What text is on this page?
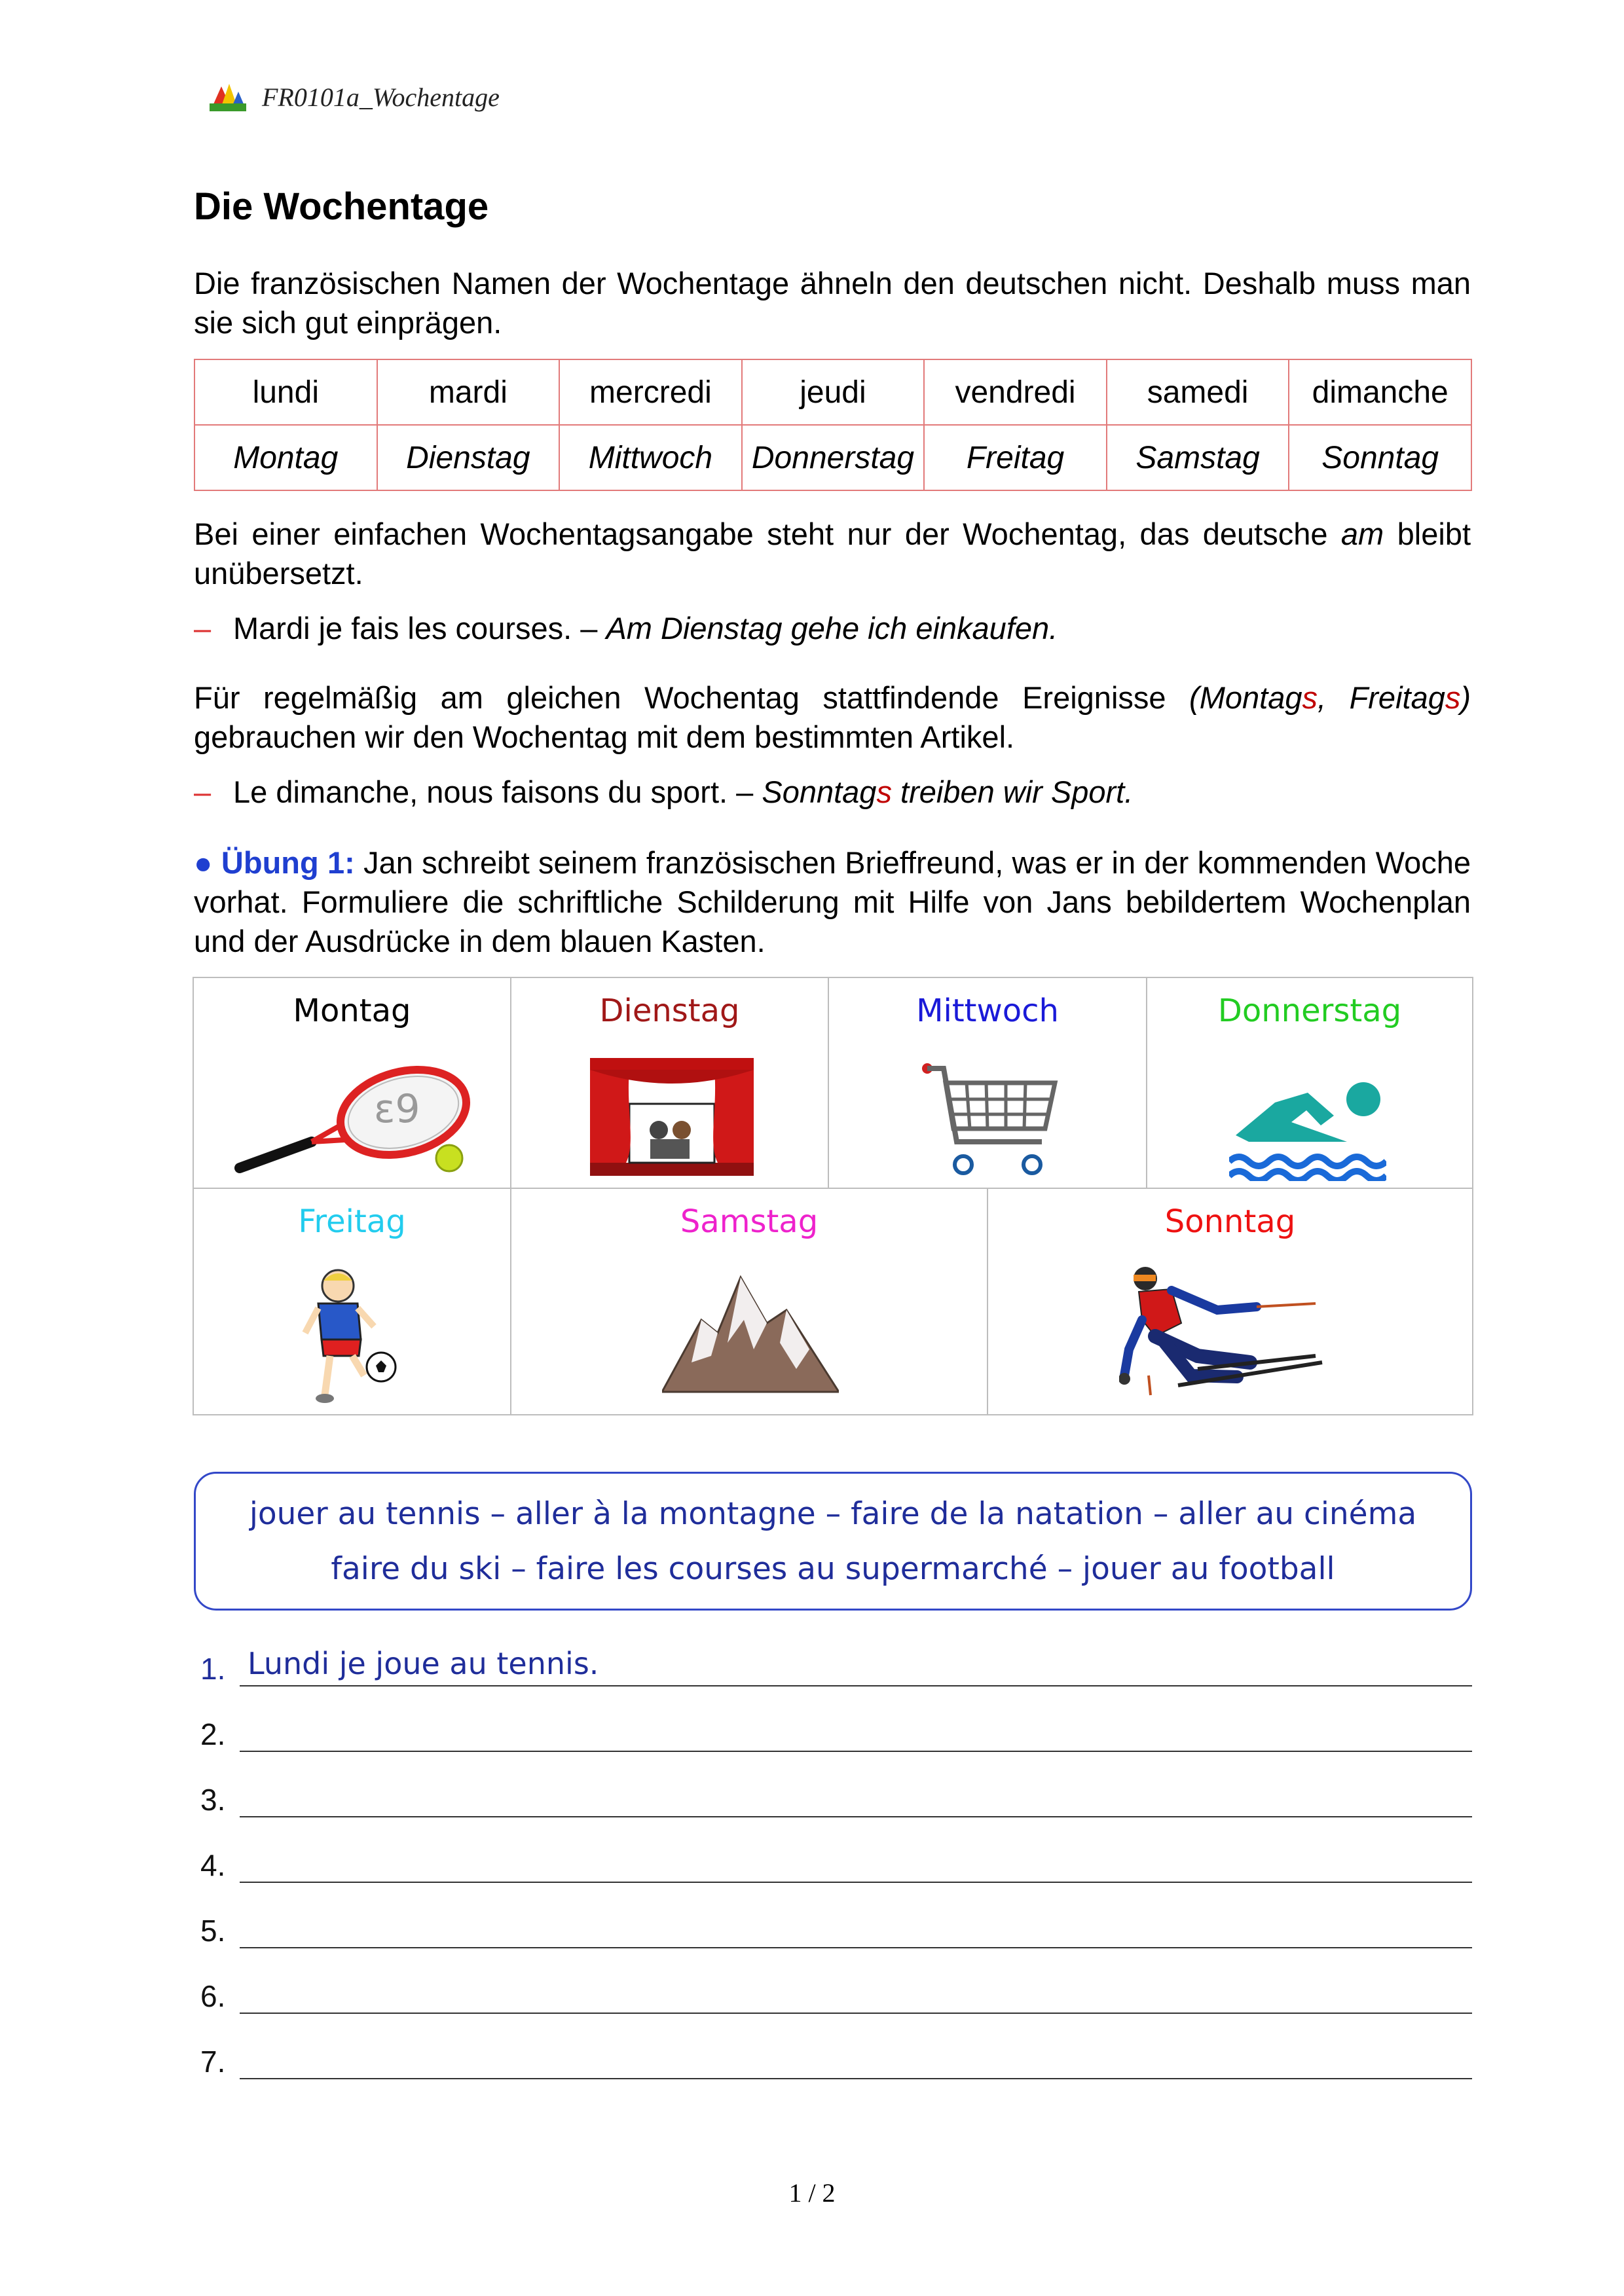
FR0101a_Wochentage
Die Wochentage
Die französischen Namen der Wochentage ähneln den deutschen nicht. Deshalb muss man sie sich gut einprägen.
lundi	mardi	mercredi	jeudi	vendredi	samedi	dimanche
Montag	Dienstag	Mittwoch	Donnerstag	Freitag	Samstag	Sonntag
Bei einer einfachen Wochentagsangabe steht nur der Wochentag, das deutsche am bleibt unübersetzt.
– Mardi je fais les courses. – Am Dienstag gehe ich einkaufen.
Für regelmäßig am gleichen Wochentag stattfindende Ereignisse (Montags, Freitags) gebrauchen wir den Wochentag mit dem bestimmten Artikel.
– Le dimanche, nous faisons du sport. – Sonntags treiben wir Sport.
● Übung 1: Jan schreibt seinem französischen Brieffreund, was er in der kommenden Woche vorhat. Formuliere die schriftliche Schilderung mit Hilfe von Jans bebildertem Wochenplan und der Ausdrücke in dem blauen Kasten.
Montag
ɛ9
Dienstag	Mittwoch	Donnerstag
Freitag	Samstag	Sonntag
jouer au tennis – aller à la montagne – faire de la natation – aller au cinéma
faire du ski – faire les courses au supermarché – jouer au football
1. Lundi je joue au tennis.
2.
3.
4.
5.
6.
7.
1 / 2
